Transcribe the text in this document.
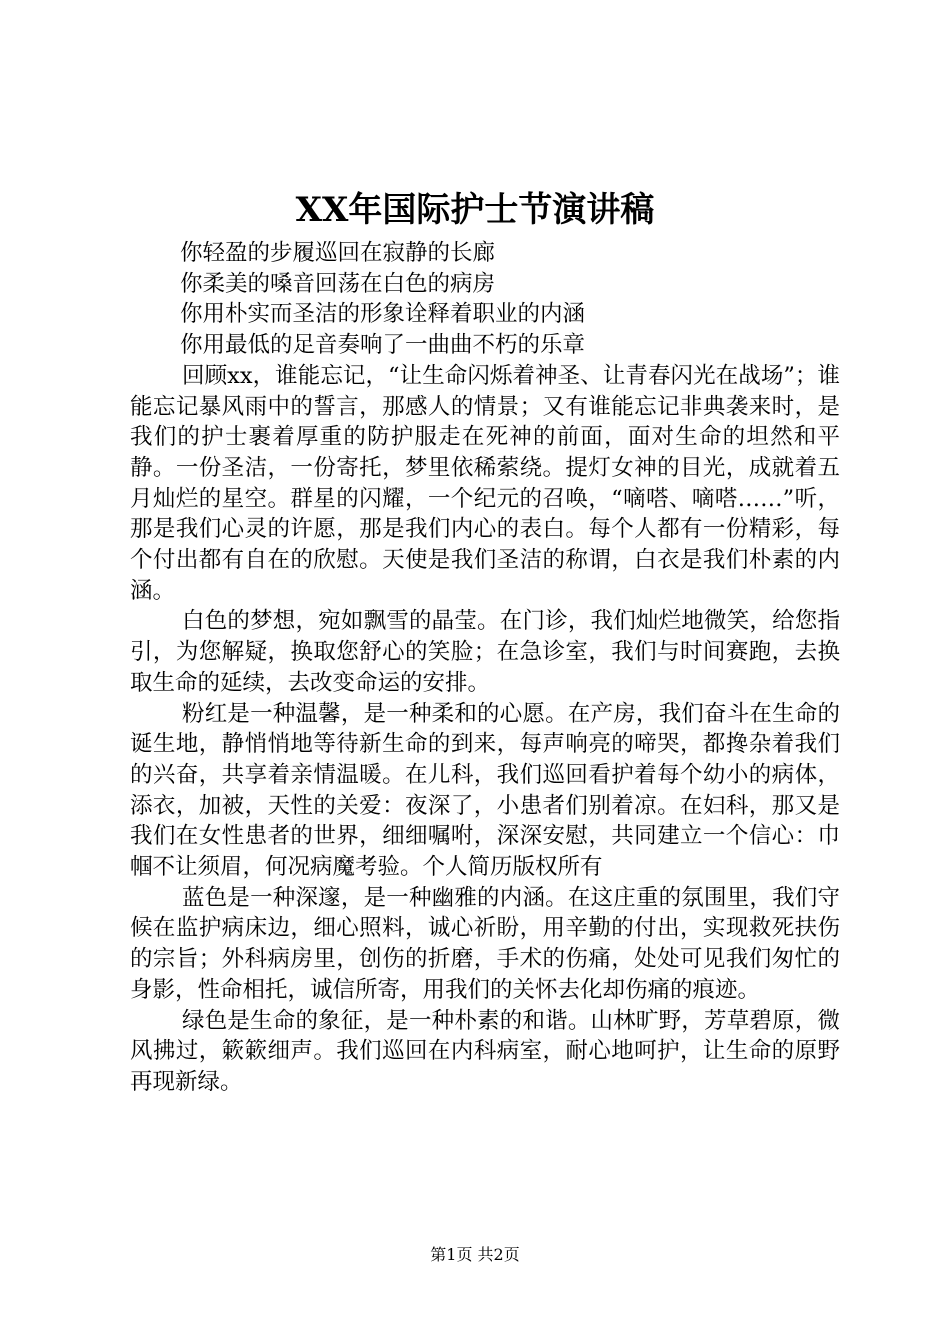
XX年国际护士节演讲稿

你轻盈的步履巡回在寂静的长廊

你柔美的嗓音回荡在白色的病房

你用朴实而圣洁的形象诠释着职业的内涵

你用最低的足音奏响了一曲曲不朽的乐章

回顾xx，谁能忘记，“让生命闪烁着神圣、让青春闪光在战场”；谁能忘记暴风雨中的誓言，那感人的情景；又有谁能忘记非典袭来时，是我们的护士裹着厚重的防护服走在死神的前面，面对生命的坦然和平静。一份圣洁，一份寄托，梦里依稀萦绕。提灯女神的目光，成就着五月灿烂的星空。群星的闪耀，一个纪元的召唤，“嘀嗒、嘀嗒……”听，那是我们心灵的许愿，那是我们内心的表白。每个人都有一份精彩，每个付出都有自在的欣慰。天使是我们圣洁的称谓，白衣是我们朴素的内涵。

白色的梦想，宛如飘雪的晶莹。在门诊，我们灿烂地微笑，给您指引，为您解疑，换取您舒心的笑脸；在急诊室，我们与时间赛跑，去换取生命的延续，去改变命运的安排。

粉红是一种温馨，是一种柔和的心愿。在产房，我们奋斗在生命的诞生地，静悄悄地等待新生命的到来，每声响亮的啼哭，都搀杂着我们的兴奋，共享着亲情温暖。在儿科，我们巡回看护着每个幼小的病体，添衣，加被，天性的关爱：夜深了，小患者们别着凉。在妇科，那又是我们在女性患者的世界，细细嘱咐，深深安慰，共同建立一个信心：巾帼不让须眉，何况病魔考验。个人简历版权所有

蓝色是一种深邃，是一种幽雅的内涵。在这庄重的氛围里，我们守候在监护病床边，细心照料，诚心祈盼，用辛勤的付出，实现救死扶伤的宗旨；外科病房里，创伤的折磨，手术的伤痛，处处可见我们匆忙的身影，性命相托，诚信所寄，用我们的关怀去化却伤痛的痕迹。

绿色是生命的象征，是一种朴素的和谐。山林旷野，芳草碧原，微风拂过，簌簌细声。我们巡回在内科病室，耐心地呵护，让生命的原野再现新绿。

第1页 共2页
